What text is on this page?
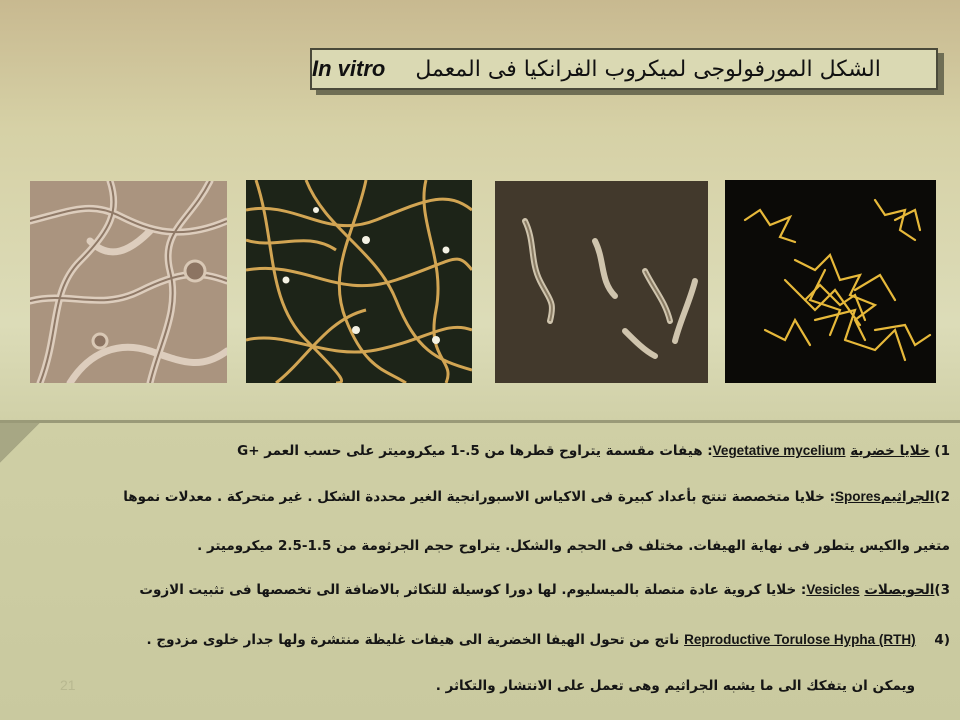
الشكل المورفولوجى لميكروب الفرانكيا فى المعمل
In vitro
1) خلايا خضرية Vegetative mycelium: هيفات مقسمة يتراوح قطرها من 5.-1 ميكروميتر على حسب العمر +G
2)الجراثيمSpores: خلايا متخصصة تنتج بأعداد كبيرة فى الاكياس الاسبورانجية الغير محددة الشكل . غير متحركة . معدلات نموها
متغير والكيس يتطور فى نهاية الهيفات. مختلف فى الحجم والشكل. يتراوح حجم الجرثومة من 1.5-2.5 ميكروميتر .
3)الحويصلات Vesicles: خلايا كروية عادة متصلة بالميسليوم. لها دورا كوسيلة للتكاثر بالاضافة الى تخصصها فى تثبيت الازوت
(4    Reproductive Torulose Hypha (RTH) ناتج من تحول الهيفا الخضرية الى هيفات غليظة منتشرة ولها جدار خلوى مزدوج .
ويمكن ان يتفكك الى ما يشبه الجراثيم وهى تعمل على الانتشار والتكاثر .
21
